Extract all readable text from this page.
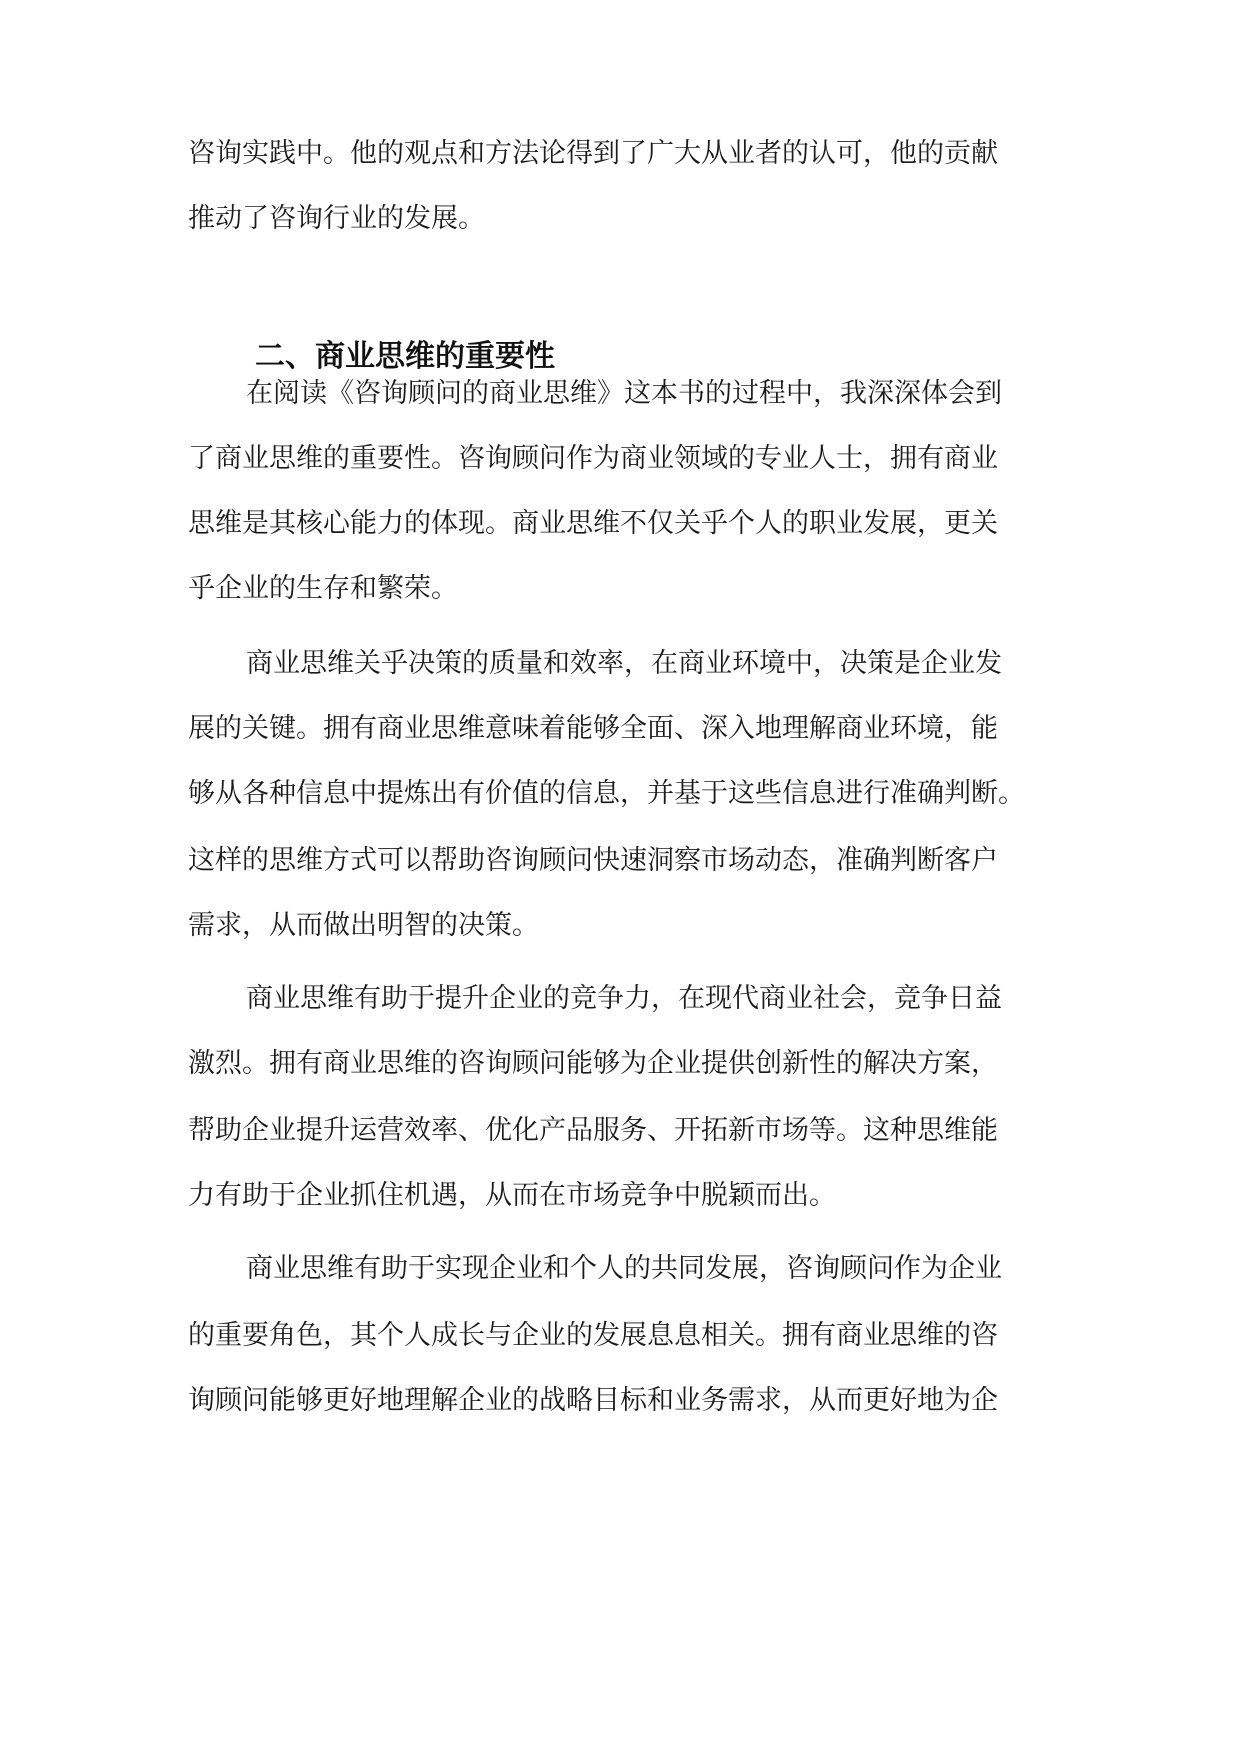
咨询实践中。他的观点和方法论得到了广大从业者的认可，他的贡献

推动了咨询行业的发展。

二、商业思维的重要性

在阅读《咨询顾问的商业思维》这本书的过程中，我深深体会到

了商业思维的重要性。咨询顾问作为商业领域的专业人士，拥有商业

思维是其核心能力的体现。商业思维不仅关乎个人的职业发展，更关

乎企业的生存和繁荣。

商业思维关乎决策的质量和效率，在商业环境中，决策是企业发

展的关键。拥有商业思维意味着能够全面、深入地理解商业环境，能

够从各种信息中提炼出有价值的信息，并基于这些信息进行准确判断。

这样的思维方式可以帮助咨询顾问快速洞察市场动态，准确判断客户

需求，从而做出明智的决策。

商业思维有助于提升企业的竞争力，在现代商业社会，竞争日益

激烈。拥有商业思维的咨询顾问能够为企业提供创新性的解决方案，

帮助企业提升运营效率、优化产品服务、开拓新市场等。这种思维能

力有助于企业抓住机遇，从而在市场竞争中脱颖而出。

商业思维有助于实现企业和个人的共同发展，咨询顾问作为企业

的重要角色，其个人成长与企业的发展息息相关。拥有商业思维的咨

询顾问能够更好地理解企业的战略目标和业务需求，从而更好地为企
